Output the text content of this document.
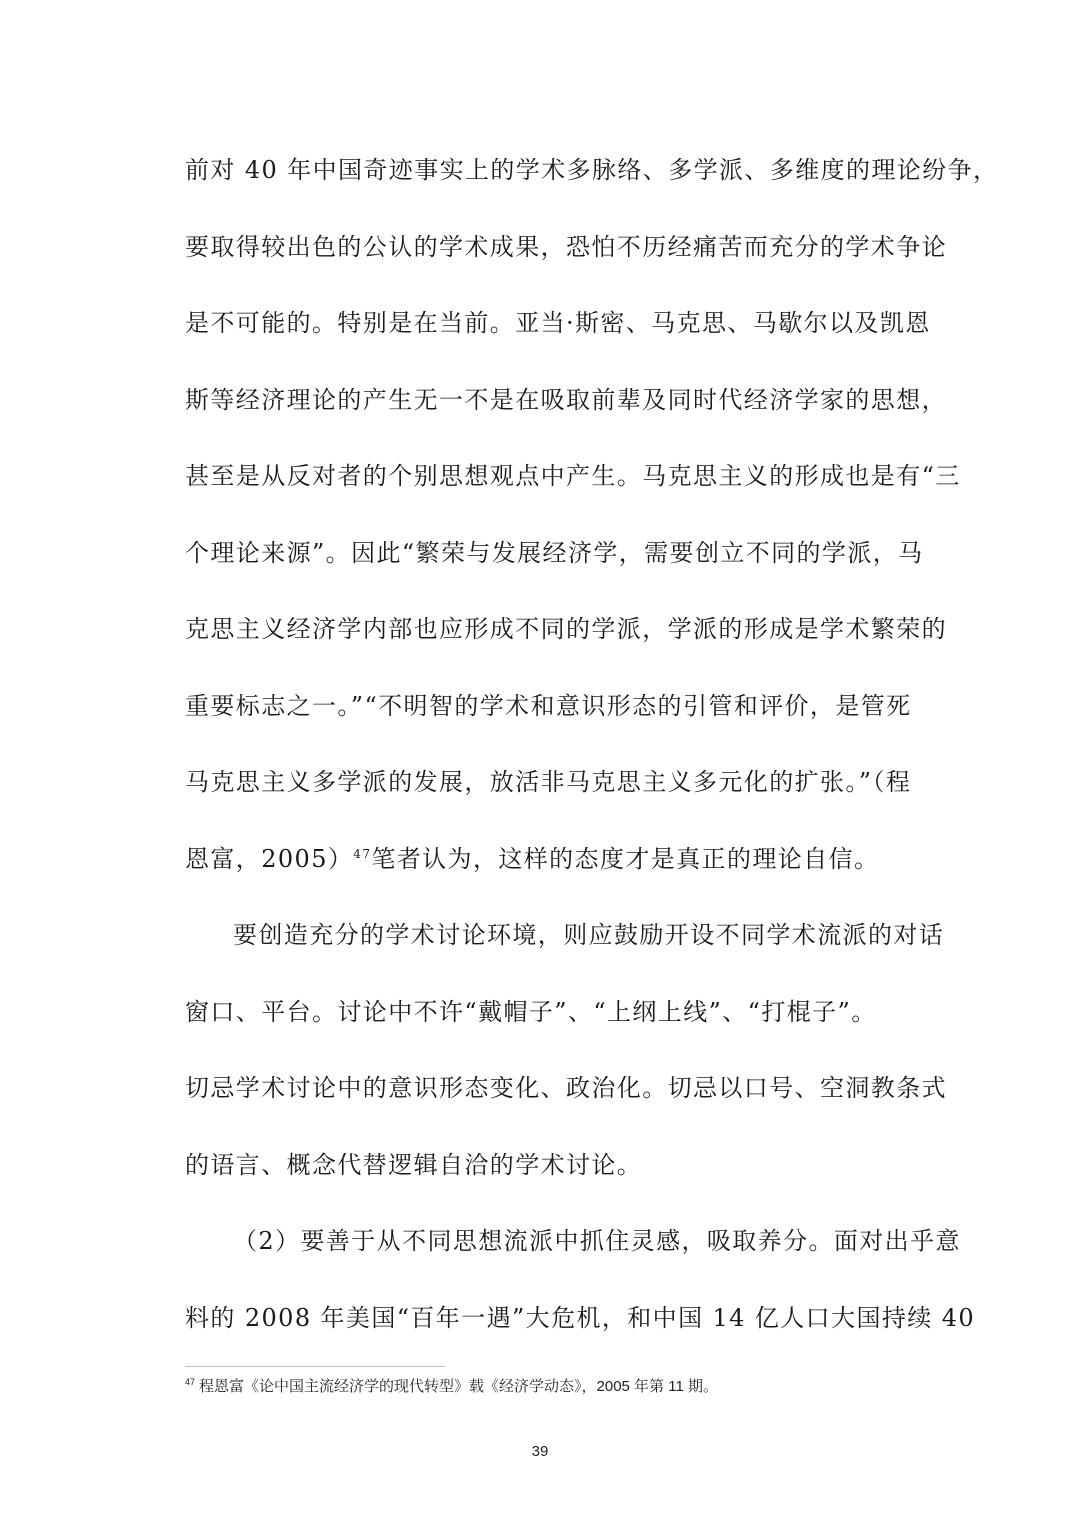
前对 40 年中国奇迹事实上的学术多脉络、多学派、多维度的理论纷争，
要取得较出色的公认的学术成果，恐怕不历经痛苦而充分的学术争论
是不可能的。特别是在当前。亚当·斯密、马克思、马歇尔以及凯恩
斯等经济理论的产生无一不是在吸取前辈及同时代经济学家的思想，
甚至是从反对者的个别思想观点中产生。马克思主义的形成也是有“三
个理论来源”。因此“繁荣与发展经济学，需要创立不同的学派，马
克思主义经济学内部也应形成不同的学派，学派的形成是学术繁荣的
重要标志之一。”“不明智的学术和意识形态的引管和评价，是管死
马克思主义多学派的发展，放活非马克思主义多元化的扩张。”（程
恩富，2005）$^{47}$笔者认为，这样的态度才是真正的理论自信。
要创造充分的学术讨论环境，则应鼓励开设不同学术流派的对话
窗口、平台。讨论中不许“戴帽子”、“上纲上线”、“打棍子”。
切忌学术讨论中的意识形态变化、政治化。切忌以口号、空洞教条式
的语言、概念代替逻辑自洽的学术讨论。
（2）要善于从不同思想流派中抓住灵感，吸取养分。面对出乎意
料的 2008 年美国“百年一遇”大危机，和中国 14 亿人口大国持续 40
$^{47}$ 程恩富《论中国主流经济学的现代转型》载《经济学动态》，2005 年第 11 期。
39
